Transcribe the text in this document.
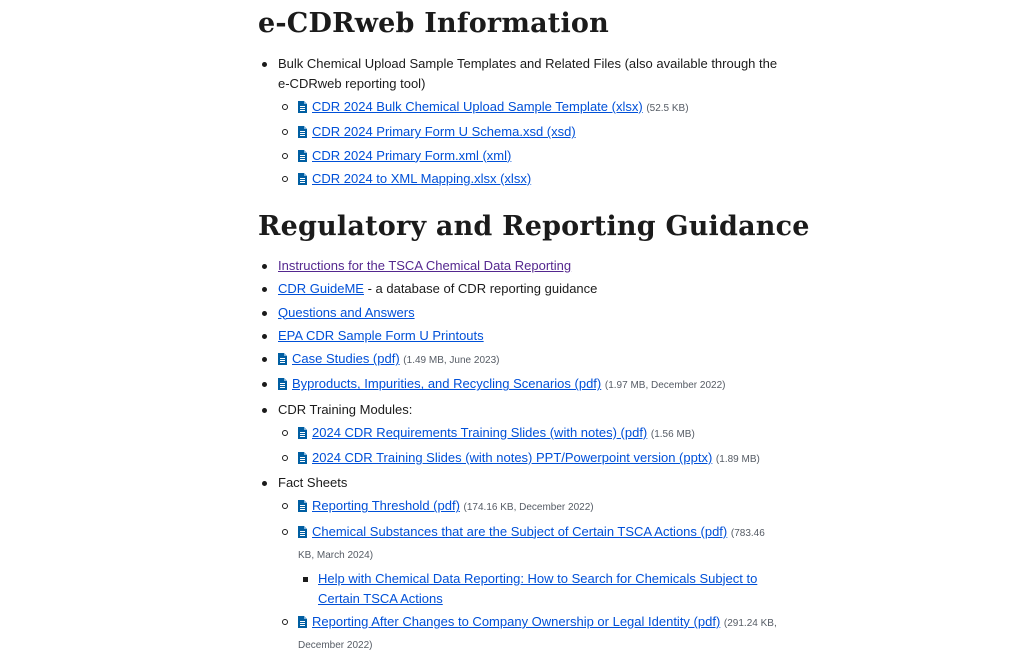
e-CDRweb Information
Bulk Chemical Upload Sample Templates and Related Files (also available through the e-CDRweb reporting tool)
CDR 2024 Bulk Chemical Upload Sample Template (xlsx) (52.5 KB)
CDR 2024 Primary Form U Schema.xsd (xsd)
CDR 2024 Primary Form.xml (xml)
CDR 2024 to XML Mapping.xlsx (xlsx)
Regulatory and Reporting Guidance
Instructions for the TSCA Chemical Data Reporting
CDR GuideME - a database of CDR reporting guidance
Questions and Answers
EPA CDR Sample Form U Printouts
Case Studies (pdf) (1.49 MB, June 2023)
Byproducts, Impurities, and Recycling Scenarios (pdf) (1.97 MB, December 2022)
CDR Training Modules:
2024 CDR Requirements Training Slides (with notes) (pdf) (1.56 MB)
2024 CDR Training Slides (with notes) PPT/Powerpoint version (pptx) (1.89 MB)
Fact Sheets
Reporting Threshold (pdf) (174.16 KB, December 2022)
Chemical Substances that are the Subject of Certain TSCA Actions (pdf) (783.46 KB, March 2024)
Help with Chemical Data Reporting: How to Search for Chemicals Subject to Certain TSCA Actions
Reporting After Changes to Company Ownership or Legal Identity (pdf) (291.24 KB, December 2022)
